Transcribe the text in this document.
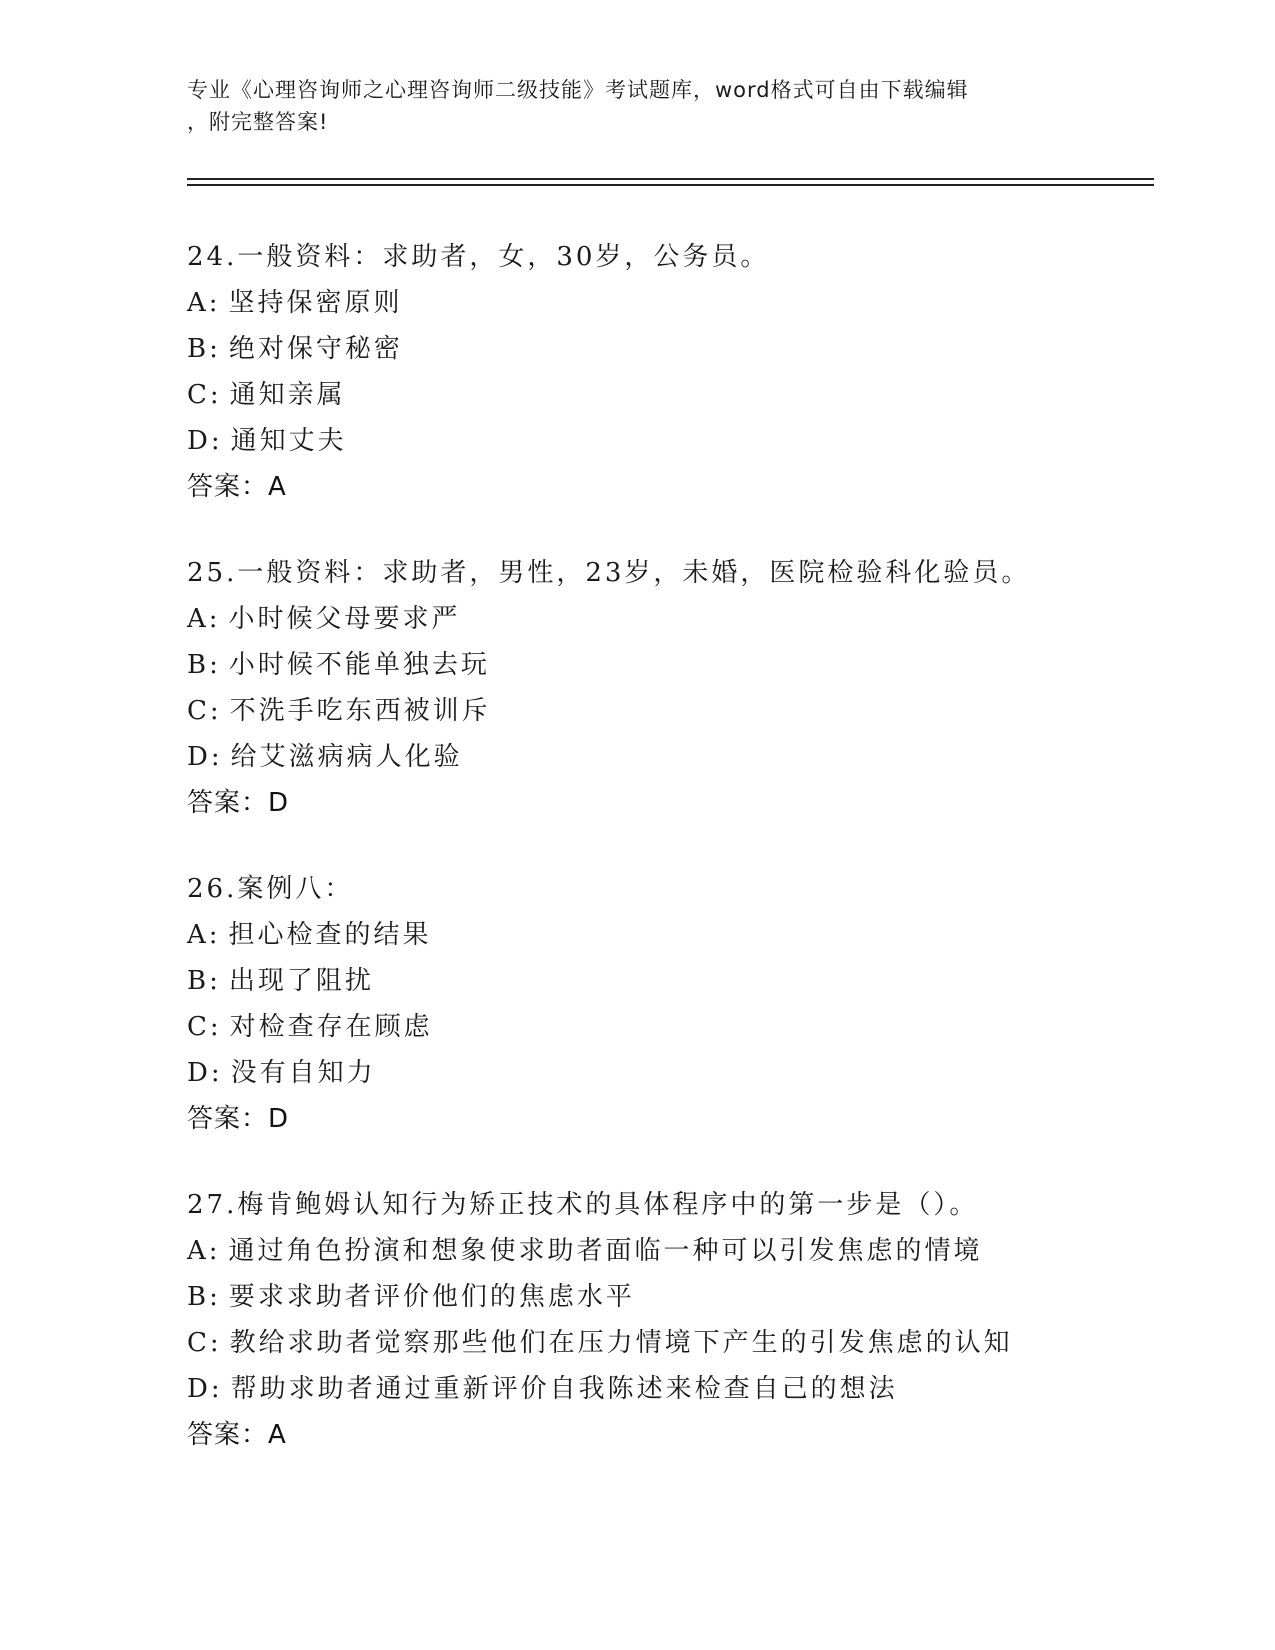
专业《心理咨询师之心理咨询师二级技能》考试题库，word格式可自由下载编辑
，附完整答案!
24.一般资料：求助者，女，30岁，公务员。
A: 坚持保密原则
B: 绝对保守秘密
C: 通知亲属
D: 通知丈夫
答案：A
25.一般资料：求助者，男性，23岁，未婚，医院检验科化验员。
A: 小时候父母要求严
B: 小时候不能单独去玩
C: 不洗手吃东西被训斥
D: 给艾滋病病人化验
答案：D
26.案例八：
A: 担心检查的结果
B: 出现了阻扰
C: 对检查存在顾虑
D: 没有自知力
答案：D
27.梅肯鲍姆认知行为矫正技术的具体程序中的第一步是（）。
A: 通过角色扮演和想象使求助者面临一种可以引发焦虑的情境
B: 要求求助者评价他们的焦虑水平
C: 教给求助者觉察那些他们在压力情境下产生的引发焦虑的认知
D: 帮助求助者通过重新评价自我陈述来检查自己的想法
答案：A
